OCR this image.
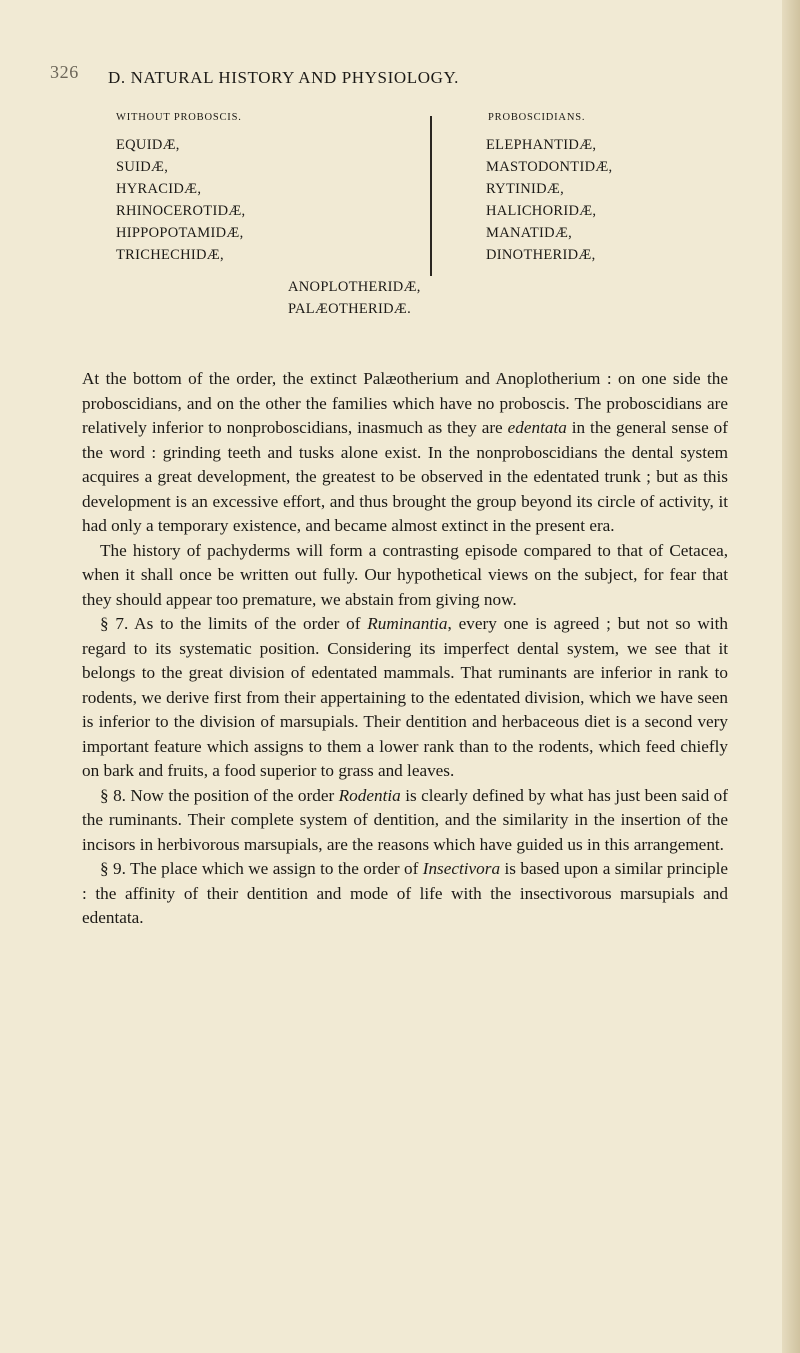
326 D. NATURAL HISTORY AND PHYSIOLOGY.
WITHOUT PROBOSCIS.	PROBOSCIDIANS.
EQUIDÆ,
SUIDÆ,
HYRACIDÆ,
RHINOCEROTIDÆ,
HIPPOPOTAMIDÆ,
TRICHECHIDÆ,
ELEPHANTIDÆ,
MASTODONTIDÆ,
RYTINIDÆ,
HALICHORIDÆ,
MANATIDÆ,
DINOTHERIDÆ,
ANOPLOTHERIDÆ,
PALÆOTHERIDÆ.

At the bottom of the order, the extinct Palæotherium and Anoplotherium : on one side the proboscidians, and on the other the families which have no proboscis. The proboscidians are relatively inferior to nonproboscidians, inasmuch as they are edentata in the general sense of the word : grinding teeth and tusks alone exist. In the nonproboscidians the dental system acquires a great development, the greatest to be observed in the edentated trunk ; but as this development is an excessive effort, and thus brought the group beyond its circle of activity, it had only a temporary existence, and became almost extinct in the present era.

The history of pachyderms will form a contrasting episode compared to that of Cetacea, when it shall once be written out fully. Our hypothetical views on the subject, for fear that they should appear too premature, we abstain from giving now.

§ 7. As to the limits of the order of Ruminantia, every one is agreed ; but not so with regard to its systematic position. Considering its imperfect dental system, we see that it belongs to the great division of edentated mammals. That ruminants are inferior in rank to rodents, we derive first from their appertaining to the edentated division, which we have seen is inferior to the division of marsupials. Their dentition and herbaceous diet is a second very important feature which assigns to them a lower rank than to the rodents, which feed chiefly on bark and fruits, a food superior to grass and leaves.

§ 8. Now the position of the order Rodentia is clearly defined by what has just been said of the ruminants. Their complete system of dentition, and the similarity in the insertion of the incisors in herbivorous marsupials, are the reasons which have guided us in this arrangement.

§ 9. The place which we assign to the order of Insectivora is based upon a similar principle : the affinity of their dentition and mode of life with the insectivorous marsupials and edentata.
